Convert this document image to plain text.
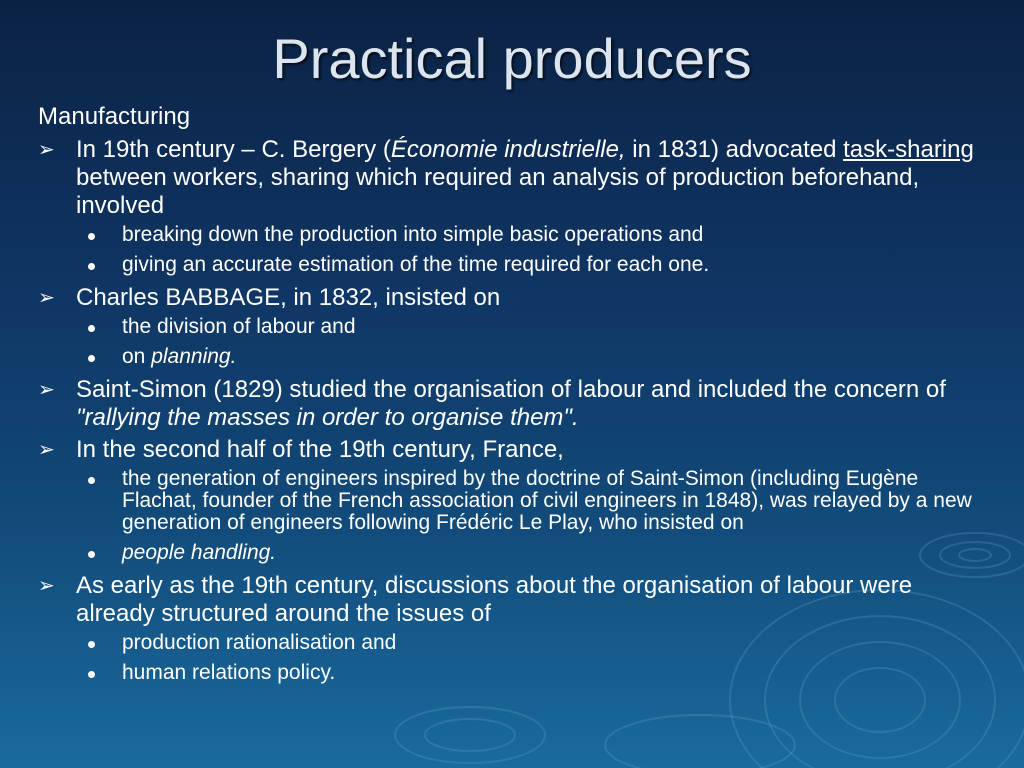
Practical producers
Manufacturing
➢ In 19th century – C. Bergery (Économie industrielle, in 1831) advocated task-sharing between workers, sharing which required an analysis of production beforehand, involved
breaking down the production into simple basic operations and
giving an accurate estimation of the time required for each one.
➢ Charles BABBAGE, in 1832, insisted on
the division of labour and
on planning.
➢ Saint-Simon (1829) studied the organisation of labour and included the concern of "rallying the masses in order to organise them".
➢ In the second half of the 19th century, France,
the generation of engineers inspired by the doctrine of Saint-Simon (including Eugène Flachat, founder of the French association of civil engineers in 1848), was relayed by a new generation of engineers following Frédéric Le Play, who insisted on
people handling.
➢ As early as the 19th century, discussions about the organisation of labour were already structured around the issues of
production rationalisation and
human relations policy.
